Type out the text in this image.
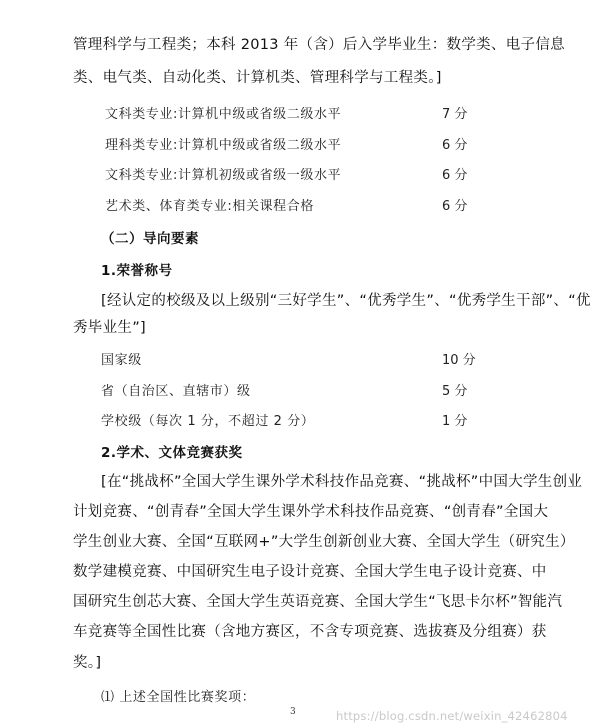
管理科学与工程类；本科 2013 年（含）后入学毕业生：数学类、电子信息
类、电气类、自动化类、计算机类、管理科学与工程类。]
文科类专业:计算机中级或省级二级水平	7 分
理科类专业:计算机中级或省级二级水平	6 分
文科类专业:计算机初级或省级一级水平	6 分
艺术类、体育类专业:相关课程合格	6 分
（二）导向要素
1.荣誉称号
[经认定的校级及以上级别“三好学生”、“优秀学生”、“优秀学生干部”、“优
秀毕业生”]
国家级	10 分
省（自治区、直辖市）级	5 分
学校级（每次 1 分，不超过 2 分）	1 分
2.学术、文体竞赛获奖
[在“挑战杯”全国大学生课外学术科技作品竞赛、“挑战杯”中国大学生创业
计划竞赛、“创青春”全国大学生课外学术科技作品竞赛、“创青春”全国大
学生创业大赛、全国“互联网+”大学生创新创业大赛、全国大学生（研究生）
数学建模竞赛、中国研究生电子设计竞赛、全国大学生电子设计竞赛、中
国研究生创芯大赛、全国大学生英语竞赛、全国大学生“飞思卡尔杯”智能汽
车竞赛等全国性比赛（含地方赛区，不含专项竞赛、选拔赛及分组赛）获
奖。]
⑴ 上述全国性比赛奖项：
3	https://blog.csdn.net/weixin_42462804
